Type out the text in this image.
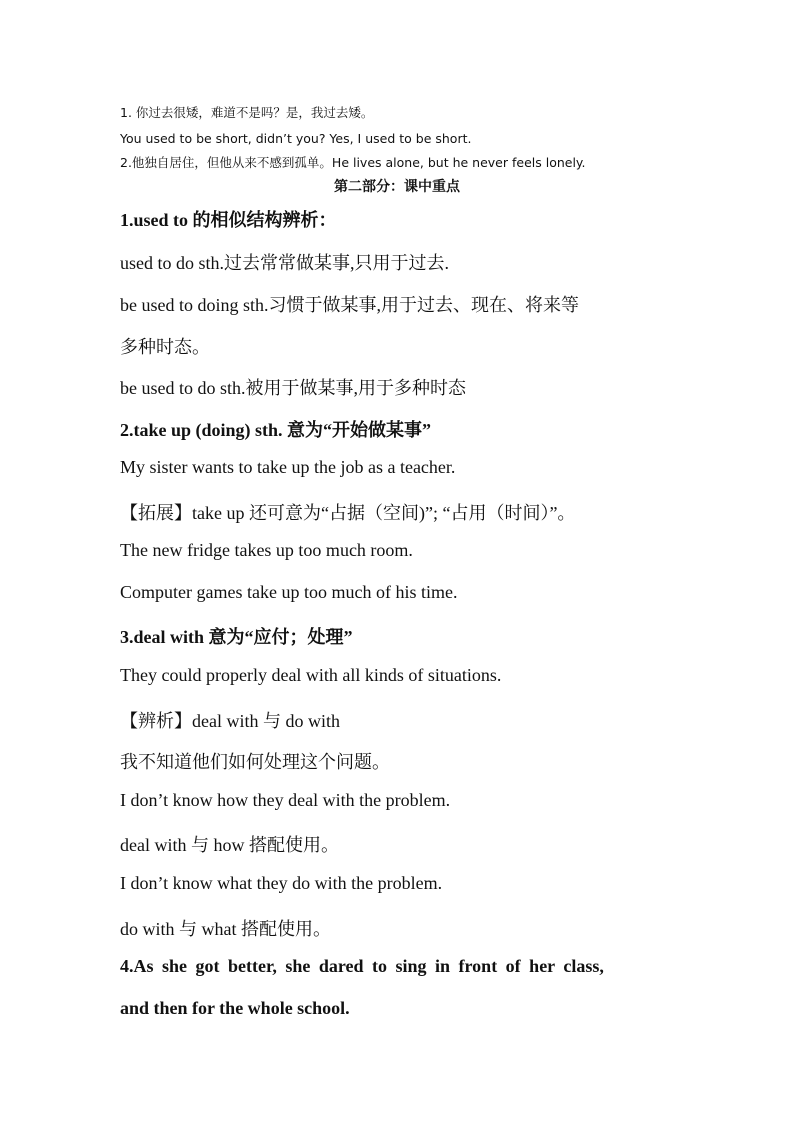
1. 你过去很矮，难道不是吗？是，我过去矮。
You used to be short, didn’t you? Yes, I used to be short.
2.他独自居住，但他从来不感到孤单。He lives alone, but he never feels lonely.
第二部分：课中重点
1.used to 的相似结构辨析：
used to do sth.过去常常做某事,只用于过去.
be used to doing sth.习惯于做某事,用于过去、现在、将来等
多种时态。
be used to do sth.被用于做某事,用于多种时态
2.take up (doing) sth. 意为“开始做某事”
My sister wants to take up the job as a teacher.
【拓展】take up 还可意为“占据（空间)”; “占用（时间）”。
The new fridge takes up too much room.
Computer games take up too much of his time.
3.deal with 意为“应付；处理”
They could properly deal with all kinds of situations.
【辨析】deal with 与 do with
我不知道他们如何处理这个问题。
I don’t know how they deal with the problem.
deal with 与 how 搭配使用。
I don’t know what they do with the problem.
do with 与 what 搭配使用。
4.As she got better, she dared to sing in front of her class,
and then for the whole school.
